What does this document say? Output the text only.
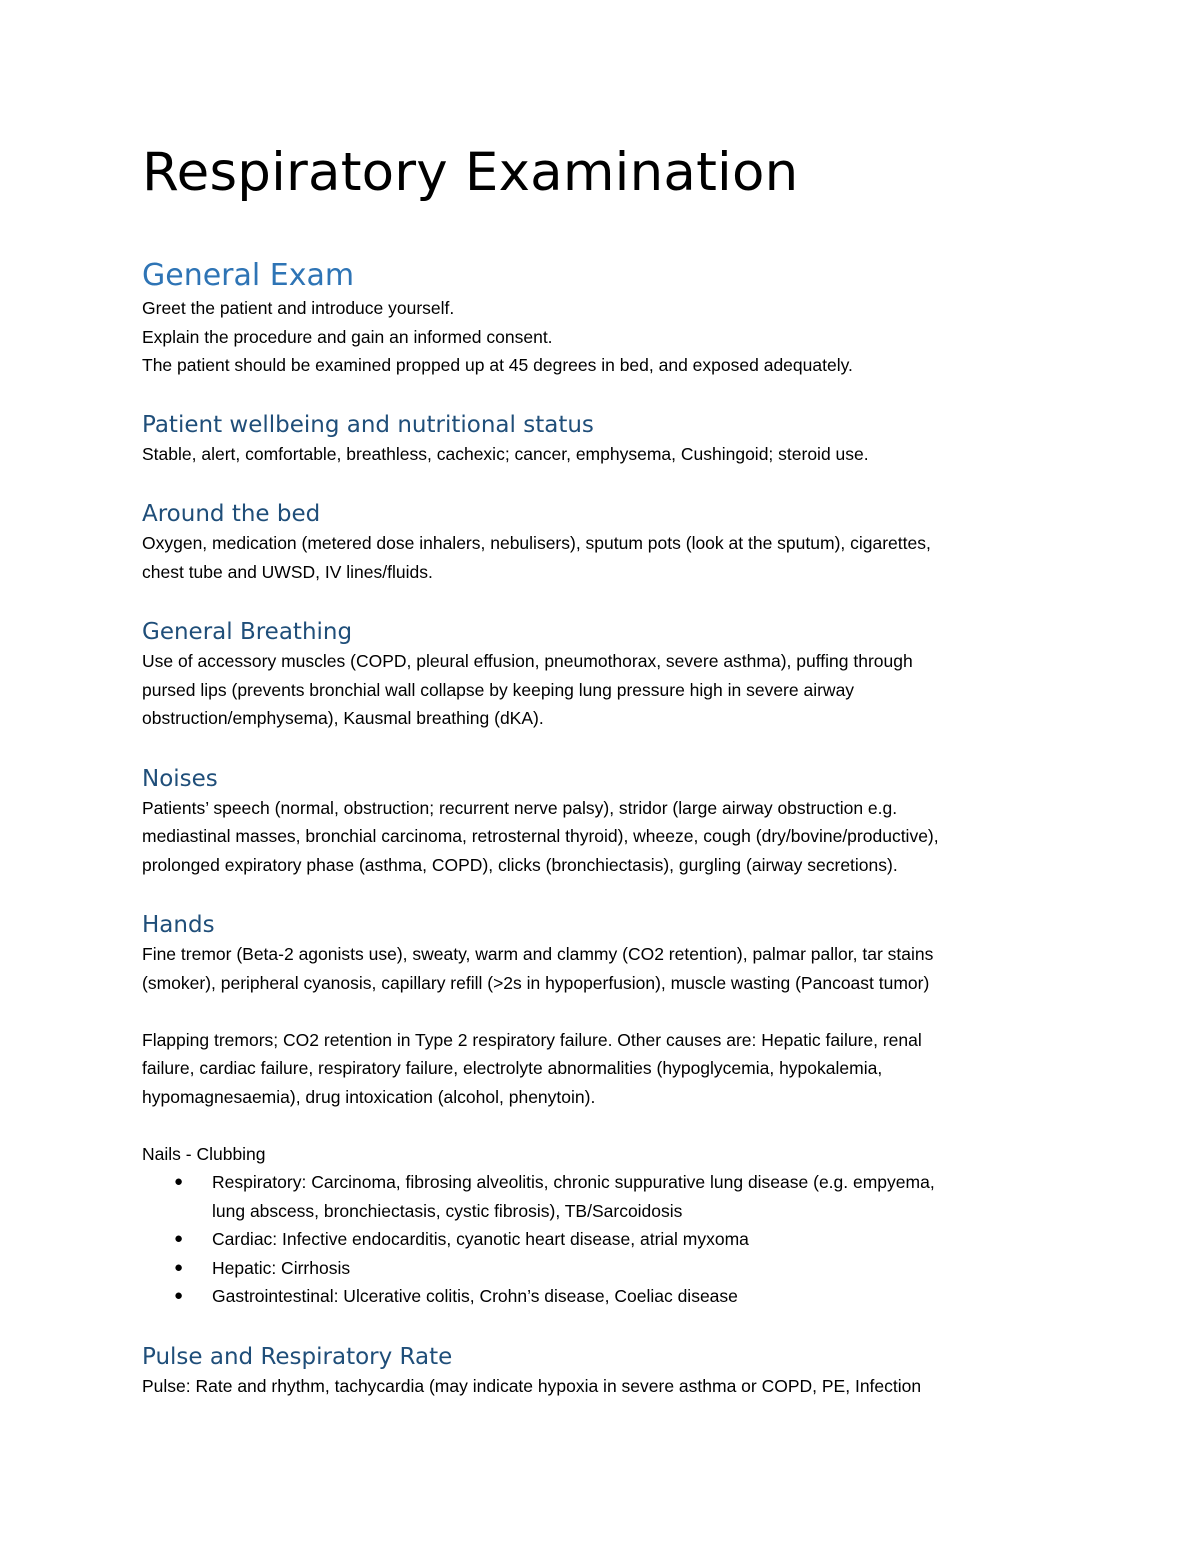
Respiratory Examination
General Exam

Greet the patient and introduce yourself.

Explain the procedure and gain an informed consent.

The patient should be examined propped up at 45 degrees in bed, and exposed adequately.

Patient wellbeing and nutritional status

Stable, alert, comfortable, breathless, cachexic; cancer, emphysema, Cushingoid; steroid use.

Around the bed

Oxygen, medication (metered dose inhalers, nebulisers), sputum pots (look at the sputum), cigarettes,

chest tube and UWSD, IV lines/fluids.

General Breathing

Use of accessory muscles (COPD, pleural effusion, pneumothorax, severe asthma), puffing through

pursed lips (prevents bronchial wall collapse by keeping lung pressure high in severe airway

obstruction/emphysema), Kausmal breathing (dKA).

Noises

Patients’ speech (normal, obstruction; recurrent nerve palsy), stridor (large airway obstruction e.g.

mediastinal masses, bronchial carcinoma, retrosternal thyroid), wheeze, cough (dry/bovine/productive),

prolonged expiratory phase (asthma, COPD), clicks (bronchiectasis), gurgling (airway secretions).

Hands

Fine tremor (Beta-2 agonists use), sweaty, warm and clammy (CO2 retention), palmar pallor, tar stains

(smoker), peripheral cyanosis, capillary refill (>2s in hypoperfusion), muscle wasting (Pancoast tumor)

Flapping tremors; CO2 retention in Type 2 respiratory failure. Other causes are: Hepatic failure, renal

failure, cardiac failure, respiratory failure, electrolyte abnormalities (hypoglycemia, hypokalemia,

hypomagnesaemia), drug intoxication (alcohol, phenytoin).

Nails - Clubbing

● Respiratory: Carcinoma, fibrosing alveolitis, chronic suppurative lung disease (e.g. empyema,
lung abscess, bronchiectasis, cystic fibrosis), TB/Sarcoidosis
● Cardiac: Infective endocarditis, cyanotic heart disease, atrial myxoma
● Hepatic: Cirrhosis
● Gastrointestinal: Ulcerative colitis, Crohn’s disease, Coeliac disease
Pulse and Respiratory Rate

Pulse: Rate and rhythm, tachycardia (may indicate hypoxia in severe asthma or COPD, PE, Infection
